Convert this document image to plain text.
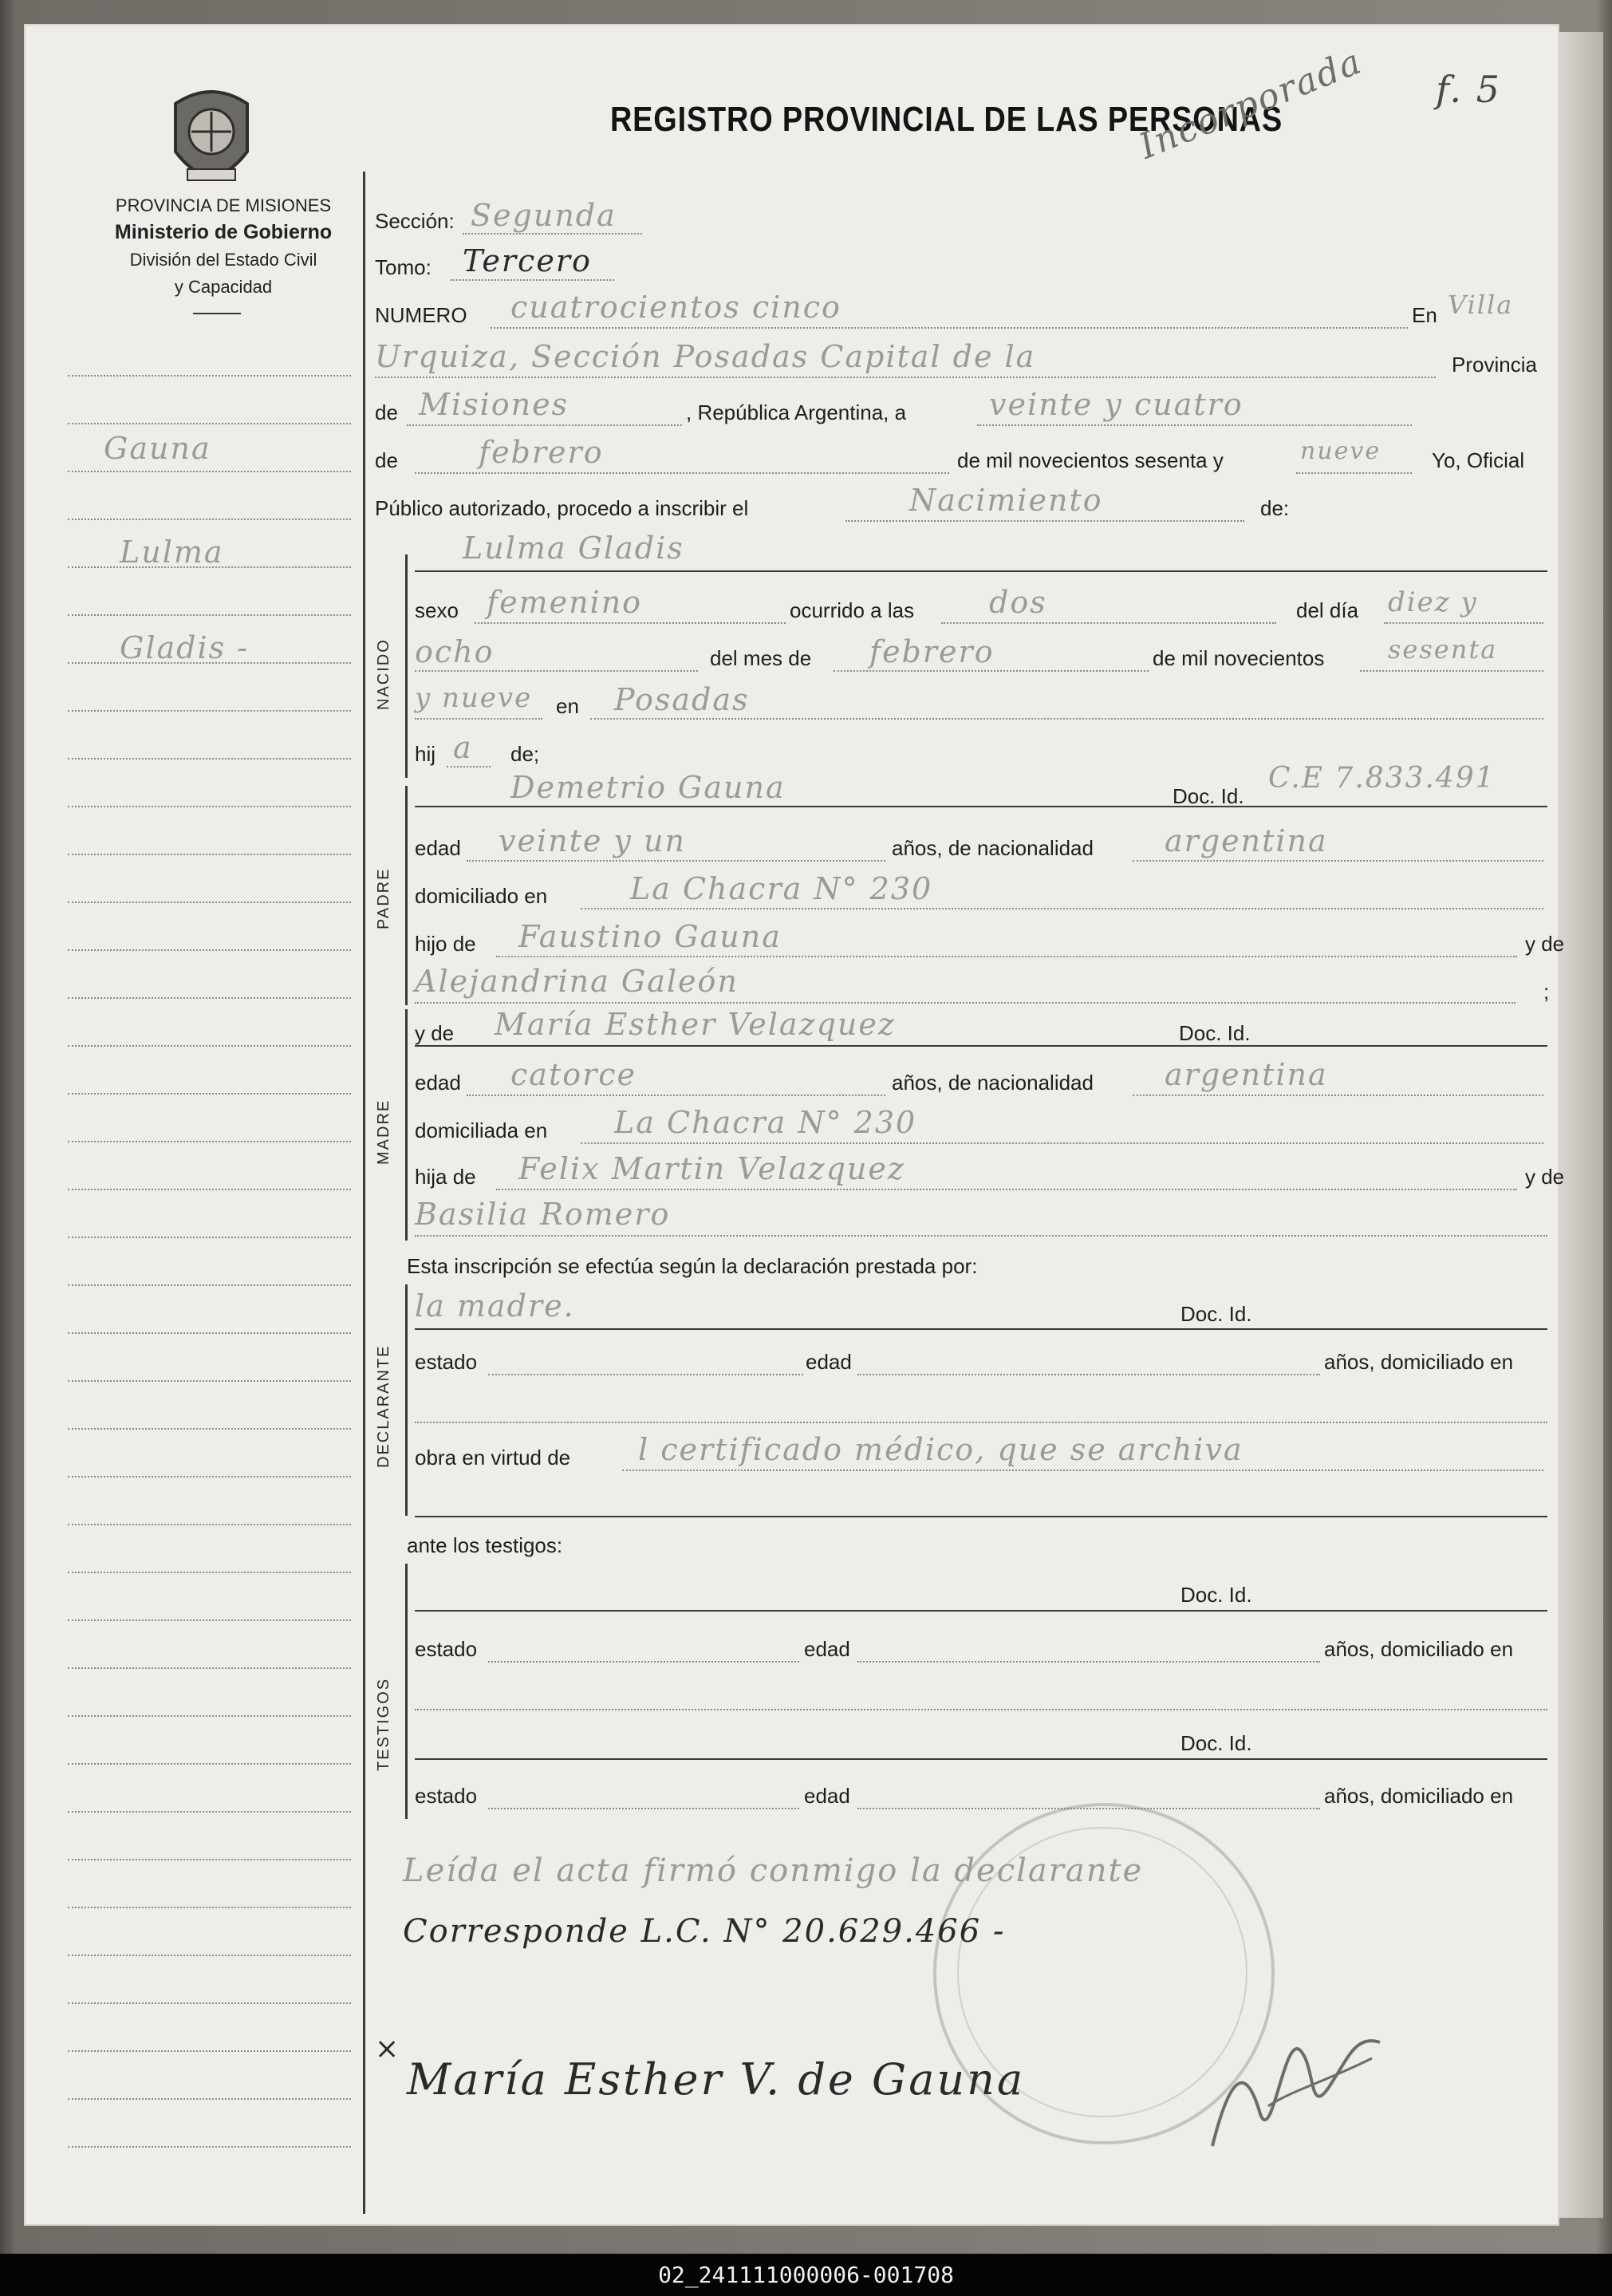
PROVINCIA DE MISIONES
Ministerio de Gobierno
División del Estado Civil
y Capacidad
REGISTRO PROVINCIAL DE LAS PERSONAS
Incorporada f. 5
Gauna
Lulma
Gladis -
Sección: Segunda
Tomo: Tercero
NUMERO cuatrocientos cinco	En Villa
Urquiza, Sección Posadas Capital de la	Provincia
de Misiones	, República Argentina, a	veinte y cuatro
de	febrero	de mil novecientos sesenta y	nueve Yo, Oficial
Público autorizado, procedo a inscribir el	Nacimiento	de:
NACIDO
Lulma Gladis
sexo femenino	ocurrido a las dos	del día diez y
ocho	del mes de febrero	de mil novecientos sesenta
y nueve en Posadas
hij a de;
PADRE
Demetrio Gauna	Doc. Id.
C.E 7.833.491
edad veinte y un	años, de nacionalidad argentina
domiciliado en	La Chacra N° 230
hijo de Faustino Gauna	y de
Alejandrina Galeón	;
MADRE
y de María Esther Velazquez	Doc. Id.
edad catorce	años, de nacionalidad argentina
domiciliada en La Chacra N° 230
hija de Felix Martin Velazquez	y de
Basilia Romero
Esta inscripción se efectúa según la declaración prestada por:
DECLARANTE
la madre.	Doc. Id.
estado	edad	años, domiciliado en
obra en virtud de l certificado médico, que se archiva
ante los testigos:
TESTIGOS
Doc. Id.
estado	edad	años, domiciliado en
Doc. Id.
estado	edad	años, domiciliado en
Leída el acta firmó conmigo la declarante
Corresponde L.C. N° 20.629.466 -
×
María Esther V. de Gauna
02_241111000006-001708
